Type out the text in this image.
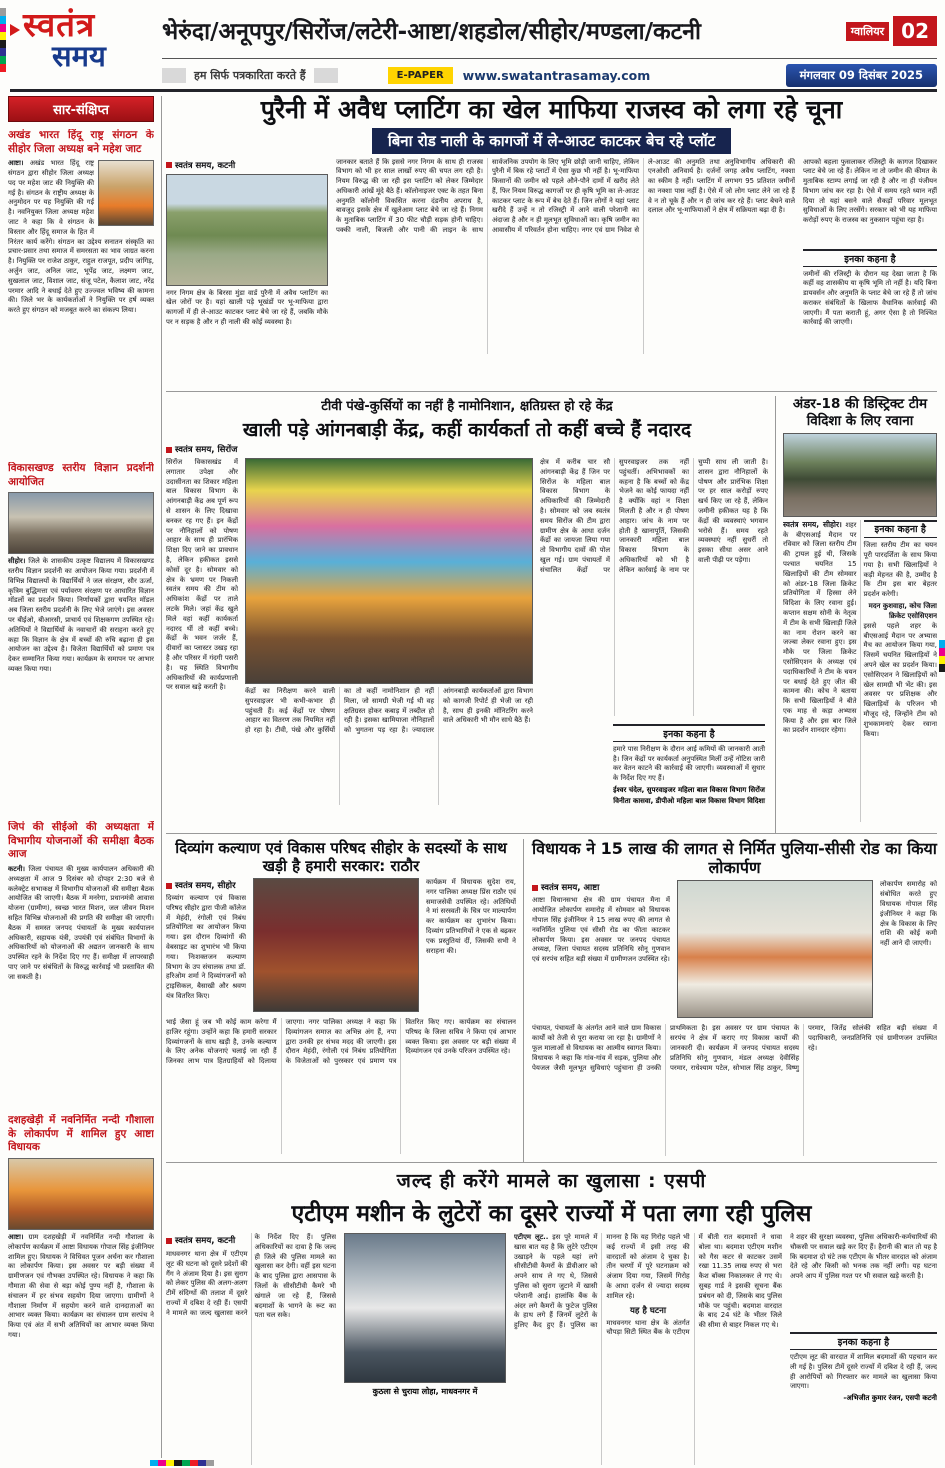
स्वतंत्र
समय
भेरुंदा/अनूपपुर/सिरोंज/लटेरी-आष्टा/शहडोल/सीहोर/मण्डला/कटनी	ग्वालियर 02
हम सिर्फ पत्रकारिता करते हैं	E-PAPER	www.swatantrasamay.com	मंगलवार 09 दिसंबर 2025
सार-संक्षिप्त
अखंड भारत हिंदू राष्ट्र संगठन के सीहोर जिला अध्यक्ष बने महेश जाट
आष्टा। अखंड भारत हिंदू राष्ट्र संगठन द्वारा सीहोर जिला अध्यक्ष पद पर महेश जाट की नियुक्ति की गई है। संगठन के राष्ट्रीय अध्यक्ष के अनुमोदन पर यह नियुक्ति की गई है। नवनियुक्त जिला अध्यक्ष महेश जाट ने कहा कि वे संगठन के विस्तार और हिंदू समाज के हित में निरंतर कार्य करेंगे। संगठन का उद्देश्य सनातन संस्कृति का प्रचार-प्रसार तथा समाज में समरसता का भाव जाग्रत करना है। नियुक्ति पर राजेश ठाकुर, राहुल राजपूत, प्रदीप जांगिड़, अर्जुन जाट, अनिल जाट, भूपेंद्र जाट, लक्ष्मण जाट, सुखलाल जाट, विशाल जाट, संजू पटेल, कैलाश जाट, नरेंद्र परमार आदि ने बधाई देते हुए उज्ज्वल भविष्य की कामना की। जिले भर के कार्यकर्ताओं ने नियुक्ति पर हर्ष व्यक्त करते हुए संगठन को मजबूत करने का संकल्प लिया।
विकासखण्ड स्तरीय विज्ञान प्रदर्शनी आयोजित
सीहोर। जिले के शासकीय उत्कृष्ट विद्यालय में विकासखण्ड स्तरीय विज्ञान प्रदर्शनी का आयोजन किया गया। प्रदर्शनी में विभिन्न विद्यालयों के विद्यार्थियों ने जल संरक्षण, सौर ऊर्जा, कृत्रिम बुद्धिमत्ता एवं पर्यावरण संरक्षण पर आधारित विज्ञान मॉडलों का प्रदर्शन किया। निर्णायकों द्वारा चयनित मॉडल अब जिला स्तरीय प्रदर्शनी के लिए भेजे जाएंगे। इस अवसर पर बीईओ, बीआरसी, प्राचार्य एवं शिक्षकगण उपस्थित रहे। अतिथियों ने विद्यार्थियों के नवाचारों की सराहना करते हुए कहा कि विज्ञान के क्षेत्र में बच्चों की रुचि बढ़ाना ही इस आयोजन का उद्देश्य है। विजेता विद्यार्थियों को प्रमाण पत्र देकर सम्मानित किया गया। कार्यक्रम के समापन पर आभार व्यक्त किया गया।
जिपं की सीईओ की अध्यक्षता में विभागीय योजनाओं की समीक्षा बैठक आज
कटनी। जिला पंचायत की मुख्य कार्यपालन अधिकारी की अध्यक्षता में आज 9 दिसंबर को दोपहर 2:30 बजे से कलेक्ट्रेट सभाकक्ष में विभागीय योजनाओं की समीक्षा बैठक आयोजित की जाएगी। बैठक में मनरेगा, प्रधानमंत्री आवास योजना (ग्रामीण), स्वच्छ भारत मिशन, जल जीवन मिशन सहित विभिन्न योजनाओं की प्रगति की समीक्षा की जाएगी। बैठक में समस्त जनपद पंचायतों के मुख्य कार्यपालन अधिकारी, सहायक यंत्री, उपयंत्री एवं संबंधित विभागों के अधिकारियों को योजनाओं की अद्यतन जानकारी के साथ उपस्थित रहने के निर्देश दिए गए हैं। समीक्षा में लापरवाही पाए जाने पर संबंधितों के विरुद्ध कार्रवाई भी प्रस्तावित की जा सकती है।
दशहखेड़ी में नवनिर्मित नन्दी गौशाला के लोकार्पण में शामिल हुए आष्टा विधायक
आष्टा। ग्राम दशहखेड़ी में नवनिर्मित नन्दी गौशाला के लोकार्पण कार्यक्रम में आष्टा विधायक गोपाल सिंह इंजीनियर शामिल हुए। विधायक ने विधिवत पूजन अर्चना कर गौशाला का लोकार्पण किया। इस अवसर पर बड़ी संख्या में ग्रामीणजन एवं गौभक्त उपस्थित रहे। विधायक ने कहा कि गौमाता की सेवा से बड़ा कोई पुण्य नहीं है, गौशाला के संचालन में हर संभव सहयोग दिया जाएगा। ग्रामीणों ने गौशाला निर्माण में सहयोग करने वाले दानदाताओं का आभार व्यक्त किया। कार्यक्रम का संचालन ग्राम सरपंच ने किया एवं अंत में सभी अतिथियों का आभार व्यक्त किया गया।
पुरैनी में अवैध प्लाटिंग का खेल माफिया राजस्व को लगा रहे चूना
बिना रोड नाली के कागजों में ले-आउट काटकर बेच रहे प्लॉट
स्वतंत्र समय, कटनी
नगर निगम क्षेत्र के बिरसा मुंडा वार्ड पुरैनी में अवैध प्लाटिंग का खेल जोरों पर है। यहां खाली पड़े भूखंडों पर भू-माफिया द्वारा कागजों में ही ले-आउट काटकर प्लाट बेचे जा रहे हैं, जबकि मौके पर न सड़क है और न ही नाली की कोई व्यवस्था है।
जानकार बताते हैं कि इससे नगर निगम के साथ ही राजस्व विभाग को भी हर साल लाखों रुपए की चपत लग रही है। नियम विरुद्ध की जा रही इस प्लाटिंग को लेकर जिम्मेदार अधिकारी आंखें मूंदे बैठे हैं। कॉलोनाइजर एक्ट के तहत बिना अनुमति कॉलोनी विकसित करना दंडनीय अपराध है, बावजूद इसके क्षेत्र में खुलेआम प्लाट बेचे जा रहे हैं। निगम के मुताबिक प्लाटिंग में 30 फीट चौड़ी सड़क होनी चाहिए। पक्की नाली, बिजली और पानी की लाइन के साथ सार्वजनिक उपयोग के लिए भूमि छोड़ी जानी चाहिए, लेकिन पुरैनी में बिक रहे प्लाटों में ऐसा कुछ भी नहीं है। भू-माफिया किसानों की जमीन को पहले औने-पौने दामों में खरीद लेते हैं, फिर नियम विरुद्ध कागजों पर ही कृषि भूमि का ले-आउट काटकर प्लाट के रूप में बेच देते हैं। जिन लोगों ने यहां प्लाट खरीदे हैं उन्हें न तो रजिस्ट्री में आने वाली परेशानी का अंदाजा है और न ही मूलभूत सुविधाओं का। कृषि जमीन का आवासीय में परिवर्तन होना चाहिए। नगर एवं ग्राम निवेश से ले-आउट की अनुमति तथा अनुविभागीय अधिकारी की एनओसी अनिवार्य है। दर्जनों जगह अवैध प्लाटिंग, नक्शा का स्कीम है नहीं। प्लाटिंग में लगभग 95 प्रतिशत जमीनों का नक्शा पास नहीं है। ऐसे में जो लोग प्लाट लेने जा रहे हैं वे न तो चूके हैं और न ही जांच कर रहे हैं। प्लाट बेचने वाले दलाल और भू-माफियाओं ने क्षेत्र में सक्रियता बढ़ा दी है।
आपको बहला फुसलाकर रजिस्ट्री के कागज दिखाकर प्लाट बेचे जा रहे हैं। लेकिन ना तो जमीन की कीमत के मुताबिक स्टाम्प लगाई जा रही है और ना ही पंजीयन विभाग जांच कर रहा है। ऐसे में समय रहते ध्यान नहीं दिया तो यहां बसने वाले सैकड़ों परिवार मूलभूत सुविधाओं के लिए तरसेंगे। सरकार को भी यह माफिया करोड़ों रुपए के राजस्व का नुकसान पहुंचा रहा है।
इनका कहना है
जमीनों की रजिस्ट्री के दौरान यह देखा जाता है कि कहीं वह शासकीय या कृषि भूमि तो नहीं है। यदि बिना डायवर्सन और अनुमति के प्लाट बेचे जा रहे हैं तो जांच कराकर संबंधितों के खिलाफ वैधानिक कार्रवाई की जाएगी। मैं पता कराती हूं, अगर ऐसा है तो निश्चित कार्रवाई की जाएगी।
टीवी पंखे-कुर्सियों का नहीं है नामोनिशान, क्षतिग्रस्त हो रहे केंद्र
खाली पड़े आंगनबाड़ी केंद्र, कहीं कार्यकर्ता तो कहीं बच्चे हैं नदारद
स्वतंत्र समय, सिरोंज
सिरोंज विकासखंड में लगातार उपेक्षा और उदासीनता का शिकार महिला बाल विकास विभाग के आंगनबाड़ी केंद्र अब पूर्ण रूप से शासन के लिए दिखावा बनकर रह गए हैं। इन केंद्रों पर नौनिहालों को पोषण आहार के साथ ही प्रारंभिक शिक्षा दिए जाने का प्रावधान है, लेकिन हकीकत इससे कोसों दूर है। सोमवार को क्षेत्र के भ्रमण पर निकली स्वतंत्र समय की टीम को अधिकांश केंद्रों पर ताले लटके मिले। जहां केंद्र खुले मिले वहां कहीं कार्यकर्ता नदारद थीं तो कहीं बच्चे। केंद्रों के भवन जर्जर हैं, दीवारों का प्लास्टर उखड़ रहा है और परिसर में गंदगी पसरी है। यह स्थिति विभागीय अधिकारियों की कार्यप्रणाली पर सवाल खड़े करती है।	केंद्रों का निरीक्षण करने वाली सुपरवाइजर भी कभी-कभार ही पहुंचती हैं। कई केंद्रों पर पोषण आहार का वितरण तक नियमित नहीं हो रहा है। टीवी, पंखे और कुर्सियों का तो कहीं नामोनिशान ही नहीं मिला, जो सामग्री भेजी गई थी वह क्षतिग्रस्त होकर कबाड़ में तब्दील हो रही है। इसका खामियाजा नौनिहालों को भुगतना पड़ रहा है। ज्यादातर आंगनबाड़ी कार्यकर्ताओं द्वारा विभाग को कागजी रिपोर्ट ही भेजी जा रही है, साथ ही इनकी मॉनिटरिंग करने वाले अधिकारी भी मौन साधे बैठे हैं।
क्षेत्र में करीब चार सौ आंगनबाड़ी केंद्र हैं जिन पर सिरोंज के महिला बाल विकास विभाग के अधिकारियों की जिम्मेदारी है। सोमवार को जब स्वतंत्र समय सिरोंज की टीम द्वारा ग्रामीण क्षेत्र के आधा दर्जन केंद्रों का जायजा लिया गया तो विभागीय दावों की पोल खुल गई। ग्राम पंचायतों में संचालित केंद्रों पर सुपरवाइजर तक नहीं पहुंचतीं। अभिभावकों का कहना है कि बच्चों को केंद्र भेजने का कोई फायदा नहीं है क्योंकि वहां न शिक्षा मिलती है और न ही पोषण आहार। जांच के नाम पर होती है खानापूर्ति, जिसकी जानकारी महिला बाल विकास विभाग के अधिकारियों को भी है लेकिन कार्रवाई के नाम पर चुप्पी साध ली जाती है। शासन द्वारा नौनिहालों के पोषण और प्रारंभिक शिक्षा पर हर साल करोड़ों रुपए खर्च किए जा रहे हैं, लेकिन जमीनी हकीकत यह है कि केंद्रों की व्यवस्थाएं भगवान भरोसे हैं। समय रहते व्यवस्थाएं नहीं सुधरीं तो इसका सीधा असर आने वाली पीढ़ी पर पड़ेगा।
इनका कहना है
हमारे पास निरीक्षण के दौरान आई कमियों की जानकारी आती है। जिन केंद्रों पर कार्यकर्ता अनुपस्थित मिलीं उन्हें नोटिस जारी कर वेतन काटने की कार्रवाई की जाएगी। व्यवस्थाओं में सुधार के निर्देश दिए गए हैं।
ईश्वर चंदेल, सुपरवाइजर महिला बाल विकास विभाग सिरोंज
विनीता कासवा, डीपीओ महिला बाल विकास विभाग विदिशा
अंडर-18 की डिस्ट्रिक्ट टीम विदिशा के लिए रवाना
स्वतंत्र समय, सीहोर। शहर के बीएसआई मैदान पर रविवार को जिला स्तरीय टीम की ट्रायल हुई थी, जिसके पश्चात चयनित 15 खिलाड़ियों की टीम सोमवार को अंडर-18 जिला क्रिकेट प्रतियोगिता में हिस्सा लेने विदिशा के लिए रवाना हुई। कप्तान सक्षम सोनी के नेतृत्व में टीम के सभी खिलाड़ी जिले का नाम रोशन करने का जज्बा लेकर रवाना हुए। इस मौके पर जिला क्रिकेट एसोसिएशन के अध्यक्ष एवं पदाधिकारियों ने टीम के चयन पर बधाई देते हुए जीत की कामना की। कोच ने बताया कि सभी खिलाड़ियों ने बीते एक माह से कड़ा अभ्यास किया है और इस बार जिले का प्रदर्शन शानदार रहेगा।
इनका कहना है
जिला स्तरीय टीम का चयन पूरी पारदर्शिता के साथ किया गया है। सभी खिलाड़ियों ने कड़ी मेहनत की है, उम्मीद है कि टीम इस बार बेहतर प्रदर्शन करेगी।
मदन कुशवाहा, कोच जिला क्रिकेट एसोसिएशन
इससे पहले शहर के बीएसआई मैदान पर अभ्यास मैच का आयोजन किया गया, जिसमें चयनित खिलाड़ियों ने अपने खेल का प्रदर्शन किया। एसोसिएशन ने खिलाड़ियों को खेल सामग्री भी भेंट की। इस अवसर पर प्रशिक्षक और खिलाड़ियों के परिजन भी मौजूद रहे, जिन्होंने टीम को शुभकामनाएं देकर रवाना किया।
दिव्यांग कल्याण एवं विकास परिषद सीहोर के सदस्यों के साथ खड़ी है हमारी सरकार: राठौर
स्वतंत्र समय, सीहोर
दिव्यांग कल्याण एवं विकास परिषद सीहोर द्वारा पीजी कॉलेज में मेहंदी, रंगोली एवं निबंध प्रतियोगिता का आयोजन किया गया। इस दौरान दिव्यांगों की वेबसाइट का शुभारंभ भी किया गया। निःशक्तजन कल्याण विभाग के उप संचालक तथा डॉ. हरिओम शर्मा ने दिव्यांगजनों को ट्राइसिकल, बैसाखी और श्रवण यंत्र वितरित किए।
कार्यक्रम में विधायक सुदेश राय, नगर पालिका अध्यक्ष प्रिंस राठौर एवं समाजसेवी उपस्थित रहे। अतिथियों ने मां सरस्वती के चित्र पर माल्यार्पण कर कार्यक्रम का शुभारंभ किया। दिव्यांग प्रतिभागियों ने एक से बढ़कर एक प्रस्तुतियां दीं, जिसकी सभी ने सराहना की।
भाई जैसा हूं जब भी कोई काम करेगा मैं हाजिर रहूंगा। उन्होंने कहा कि हमारी सरकार दिव्यांगजनों के साथ खड़ी है, उनके कल्याण के लिए अनेक योजनाएं चलाई जा रही हैं जिनका लाभ पात्र हितग्राहियों को दिलाया जाएगा। नगर पालिका अध्यक्ष ने कहा कि दिव्यांगजन समाज का अभिन्न अंग हैं, नपा द्वारा उनकी हर संभव मदद की जाएगी। इस दौरान मेहंदी, रंगोली एवं निबंध प्रतियोगिता के विजेताओं को पुरस्कार एवं प्रमाण पत्र वितरित किए गए। कार्यक्रम का संचालन परिषद के जिला सचिव ने किया एवं आभार व्यक्त किया। इस अवसर पर बड़ी संख्या में दिव्यांगजन एवं उनके परिजन उपस्थित रहे।
विधायक ने 15 लाख की लागत से निर्मित पुलिया-सीसी रोड का किया लोकार्पण
स्वतंत्र समय, आष्टा
आष्टा विधानसभा क्षेत्र की ग्राम पंचायत मैना में आयोजित लोकार्पण समारोह में सोमवार को विधायक गोपाल सिंह इंजीनियर ने 15 लाख रुपए की लागत से नवनिर्मित पुलिया एवं सीसी रोड का फीता काटकर लोकार्पण किया। इस अवसर पर जनपद पंचायत अध्यक्ष, जिला पंचायत सदस्य प्रतिनिधि सोनू गुणवान एवं सरपंच सहित बड़ी संख्या में ग्रामीणजन उपस्थित रहे।
लोकार्पण समारोह को संबोधित करते हुए विधायक गोपाल सिंह इंजीनियर ने कहा कि क्षेत्र के विकास के लिए राशि की कोई कमी नहीं आने दी जाएगी।
पंचायत, पंचायतों के अंतर्गत आने वाले ग्राम विकास कार्यों को तेजी से पूरा कराया जा रहा है। ग्रामीणों ने फूल मालाओं से विधायक का आत्मीय स्वागत किया। विधायक ने कहा कि गांव-गांव में सड़क, पुलिया और पेयजल जैसी मूलभूत सुविधाएं पहुंचाना ही उनकी प्राथमिकता है। इस अवसर पर ग्राम पंचायत के सरपंच ने क्षेत्र में कराए गए विकास कार्यों की जानकारी दी। कार्यक्रम में जनपद पंचायत सदस्य प्रतिनिधि सोनू गुणवान, मंडल अध्यक्ष देवीसिंह परमार, राधेश्याम पटेल, सोभाल सिंह ठाकुर, विष्णु परमार, जितेंद्र सोलंकी सहित बड़ी संख्या में पदाधिकारी, जनप्रतिनिधि एवं ग्रामीणजन उपस्थित रहे।
जल्द ही करेंगे मामले का खुलासा : एसपी
एटीएम मशीन के लुटेरों का दूसरे राज्यों में पता लगा रही पुलिस
स्वतंत्र समय, कटनी
माधवनगर थाना क्षेत्र में एटीएम लूट की घटना को दूसरे प्रदेशों की गैंग ने अंजाम दिया है। इस सुराग को लेकर पुलिस की अलग-अलग टीमें संदिग्धों की तलाश में दूसरे राज्यों में दबिश दे रही हैं। एसपी ने मामले का जल्द खुलासा करने के निर्देश दिए हैं। पुलिस अधिकारियों का दावा है कि जल्द ही जिले की पुलिस मामले का खुलासा कर देगी। वहीं इस घटना के बाद पुलिस द्वारा आसपास के जिलों के सीसीटीवी कैमरे भी खंगाले जा रहे हैं, जिससे बदमाशों के भागने के रूट का पता चल सके।
कुठला से चुराया लोहा, माधवनगर में
एटीएम लूट.. इस पूरे मामले में खास बात यह है कि लुटेरे एटीएम उखाड़ने के पहले यहां लगे सीसीटीवी कैमरों के डीवीआर को अपने साथ ले गए थे, जिससे पुलिस को सुराग जुटाने में खासी परेशानी आई। हालांकि बैंक के अंदर लगे कैमरों के फुटेज पुलिस के हाथ लगे हैं जिनमें लुटेरों के हुलिए कैद हुए हैं। पुलिस का मानना है कि यह गिरोह पहले भी कई राज्यों में इसी तरह की वारदातों को अंजाम दे चुका है। तीन चरणों में पूरे घटनाक्रम को अंजाम दिया गया, जिसमें गिरोह के आधा दर्जन से ज्यादा सदस्य शामिल रहे।
यह है घटना
माधवनगर थाना क्षेत्र के अंतर्गत चौपड़ा सिटी स्थित बैंक के एटीएम में बीती रात बदमाशों ने धावा बोला था। बदमाश एटीएम मशीन को गैस कटर से काटकर उसमें रखा 11.35 लाख रुपए से भरा कैश बॉक्स निकालकर ले गए थे। सुबह गार्ड ने इसकी सूचना बैंक प्रबंधन को दी, जिसके बाद पुलिस मौके पर पहुंची। बदमाश वारदात के बाद 24 घंटे के भीतर जिले की सीमा से बाहर निकल गए थे।
ने शहर की सुरक्षा व्यवस्था, पुलिस अधिकारी-कर्मचारियों की चौकसी पर सवाल खड़े कर दिए हैं। हैरानी की बात तो यह है कि बदमाश दो घंटे तक एटीएम के भीतर वारदात को अंजाम देते रहे और किसी को भनक तक नहीं लगी। यह घटना अपने आप में पुलिस गश्त पर भी सवाल खड़े करती है।
इनका कहना है
एटीएम लूट की वारदात में शामिल बदमाशों की पहचान कर ली गई है। पुलिस टीमें दूसरे राज्यों में दबिश दे रही हैं, जल्द ही आरोपियों को गिरफ्तार कर मामले का खुलासा किया जाएगा।
-अभिजीत कुमार रंजन, एसपी कटनी
